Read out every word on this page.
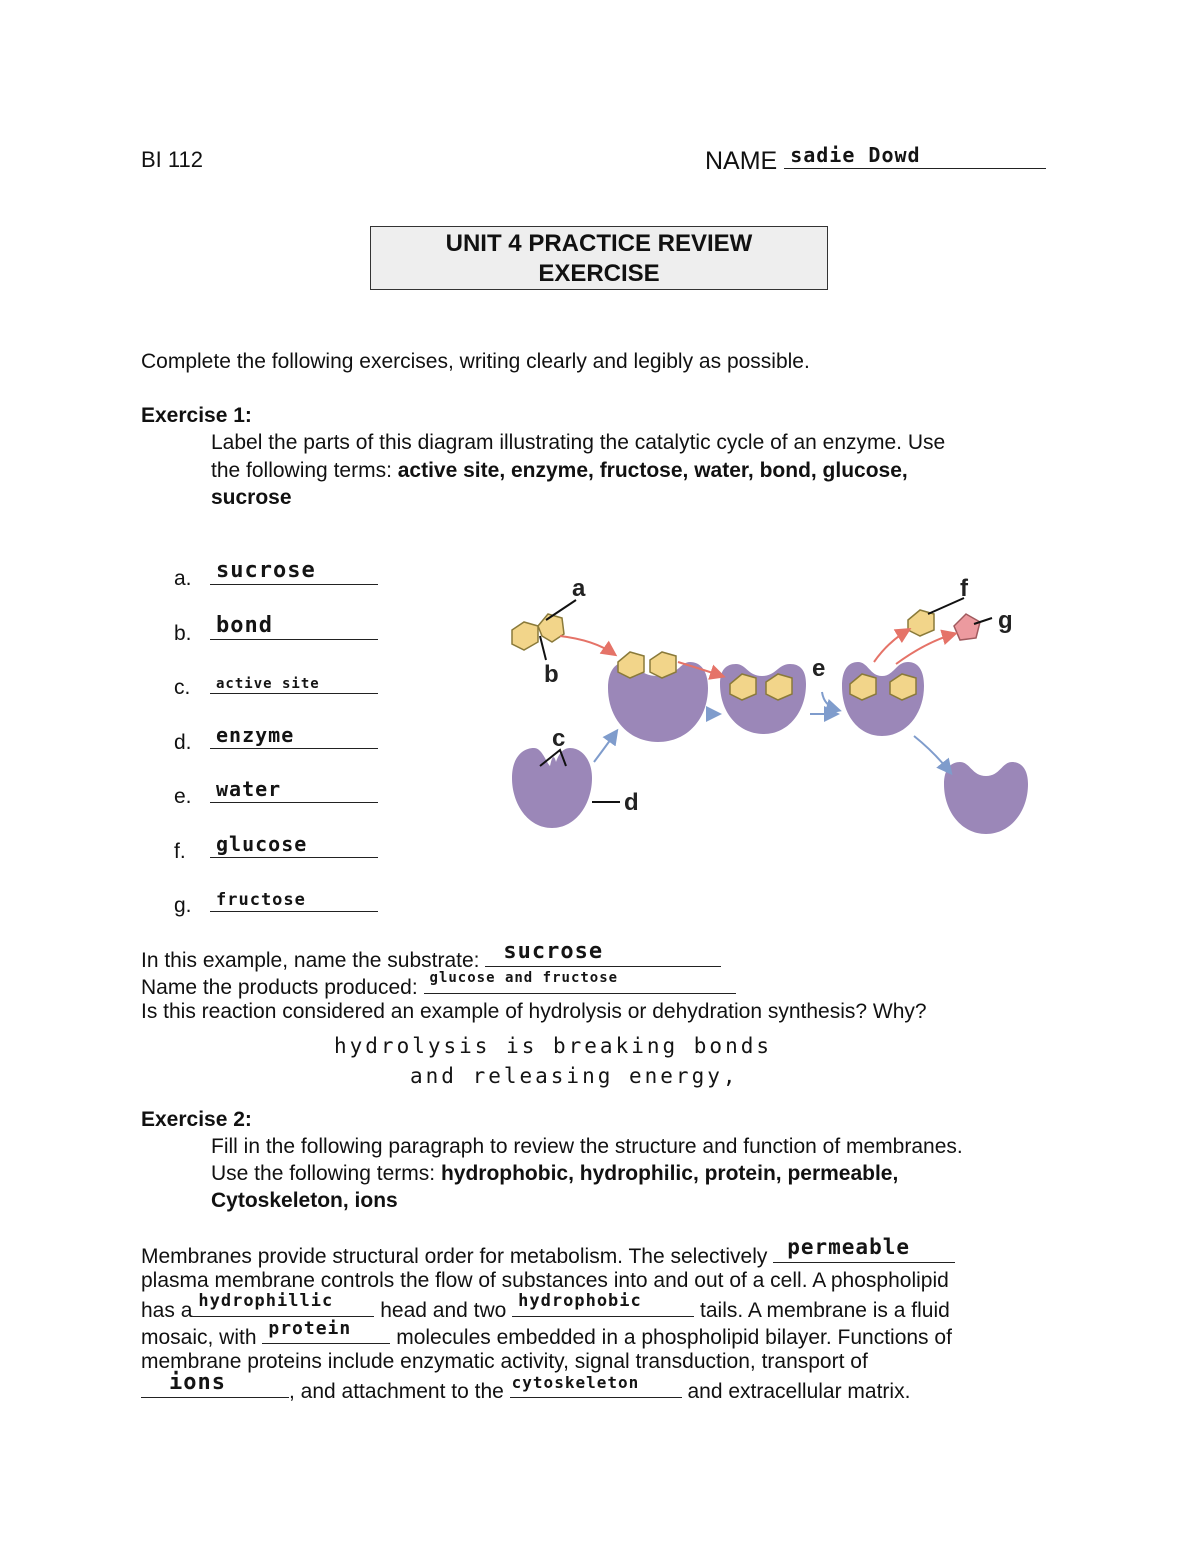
BI 112	NAME sadie Dowd
UNIT 4 PRACTICE REVIEW
EXERCISE
Complete the following exercises, writing clearly and legibly as possible.
Exercise 1:
Label the parts of this diagram illustrating the catalytic cycle of an enzyme. Use
the following terms: active site, enzyme, fructose, water, bond, glucose,
sucrose
a. sucrose
b. bond
c. active site
d. enzyme
e. water
f. glucose
g. fructose
a
b
c
d
e
f
g
In this example, name the substrate: sucrose
Name the products produced: glucose and fructose
Is this reaction considered an example of hydrolysis or dehydration synthesis? Why?
hydrolysis is breaking bonds
and releasing energy,
Exercise 2:
Fill in the following paragraph to review the structure and function of membranes.
Use the following terms: hydrophobic, hydrophilic, protein, permeable,
Cytoskeleton, ions
Membranes provide structural order for metabolism. The selectively permeable
plasma membrane controls the flow of substances into and out of a cell. A phospholipid
has a hydrophillic head and two hydrophobic	tails. A membrane is a fluid
mosaic, with protein molecules embedded in a phospholipid bilayer. Functions of
membrane proteins include enzymatic activity, signal transduction, transport of
ions	, and attachment to the cytoskeleton and extracellular matrix.
